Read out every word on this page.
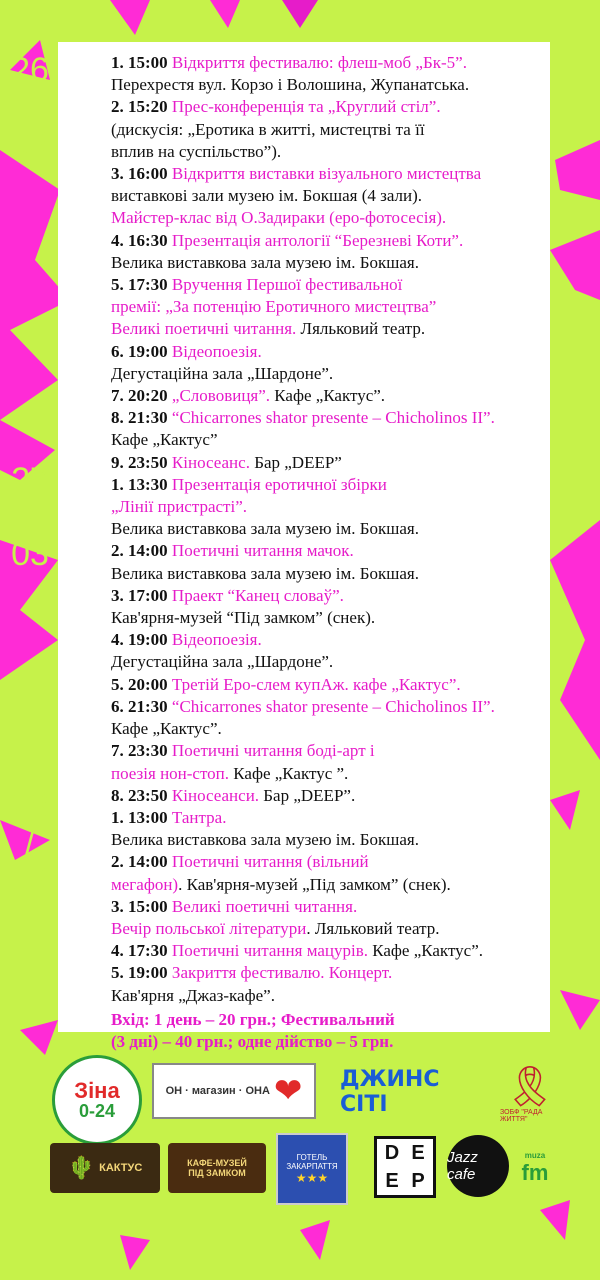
26
/
03
27
/
03
28
/
03
1. 15:00 Відкриття фестивалю: флеш-моб „Бк-5”.
Перехрестя вул. Корзо і Волошина, Жупанатська.
2. 15:20 Прес-конференція та „Круглий стіл”.
(дискусія: „Еротика в житті, мистецтві та її
вплив на суспільство”).
3. 16:00 Відкриття виставки візуального мистецтва
виставкові зали музею ім. Бокшая (4 зали).
Майстер-клас від О.Задираки (еро-фотосесія).
4. 16:30 Презентація антології “Березневі Коти”.
Велика виставкова зала музею ім. Бокшая.
5. 17:30 Вручення Першої фестивальної
премії: „За потенцію Еротичного мистецтва”
Великі поетичні читання. Ляльковий театр.
6. 19:00 Відеопоезія.
Дегустаційна зала „Шардоне”.
7. 20:20 „Слововиця”. Кафе „Кактус”.
8. 21:30 “Chicarrones shator presente – Chicholinos II”.
Кафе „Кактус”
9. 23:50 Кіносеанс. Бар „DEEP”
1. 13:30 Презентація еротичної збірки
„Лінії пристрасті”.
Велика виставкова зала музею ім. Бокшая.
2. 14:00 Поетичні читання мачок.
Велика виставкова зала музею ім. Бокшая.
3. 17:00 Праект “Канец словаў”.
Кав'ярня-музей “Під замком” (снек).
4. 19:00 Відеопоезія.
Дегустаційна зала „Шардоне”.
5. 20:00 Третій Еро-слем купАж. кафе „Кактус”.
6. 21:30 “Chicarrones shator presente – Chicholinos II”.
Кафе „Кактус”.
7. 23:30 Поетичні читання боді-арт і
поезія нон-стоп. Кафе „Кактус ”.
8. 23:50 Кіносеанси. Бар „DEEP”.
1. 13:00 Тантра.
Велика виставкова зала музею ім. Бокшая.
2. 14:00 Поетичні читання (вільний
мегафон). Кав'ярня-музей „Під замком” (снек).
3. 15:00 Великі поетичні читання.
Вечір польської літератури. Ляльковий театр.
4. 17:30 Поетичні читання мацурів. Кафе „Кактус”.
5. 19:00 Закриття фестивалю. Концерт.
Кав'ярня „Джаз-кафе”.
Вхід: 1 день – 20 грн.; Фестивальний
(3 дні) – 40 грн.; одне дійство – 5 грн.
Зіна
0-24
ОН · магазин · ОНА ❤ ДЖИНС СІТІ	🎗
ЗОБФ "РАДА ЖИТТЯ"
🌵 КАКТУС	КАФЕ-МУЗЕЙ
ПІД ЗАМКОМ
ГОТЕЛЬ ЗАКАРПАТТЯ
★★★
D E
E P
Jazz cafe
muza
fm
